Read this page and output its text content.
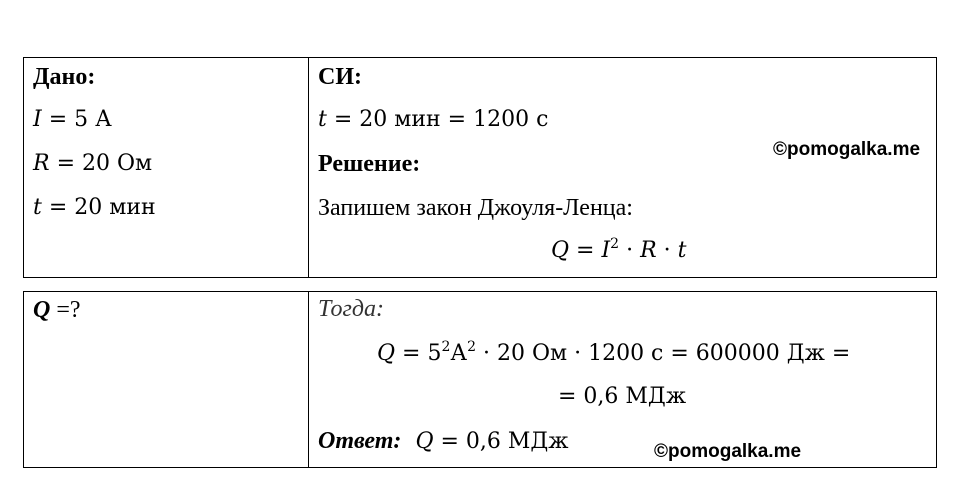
Дано:
I = 5 А
R = 20 Ом
t = 20 мин
СИ:
t = 20 мин = 1200 с
Решение:
Запишем закон Джоуля-Ленца:
$Q = I^2 \cdot R \cdot t$
©pomogalka.me
Q =?	Тогда:
$Q = 5^2А^2 \cdot 20$ Ом · 1200 с = 600000 Дж =
= 0,6 МДж
Ответ: Q = 0,6 МДж	©pomogalka.me
